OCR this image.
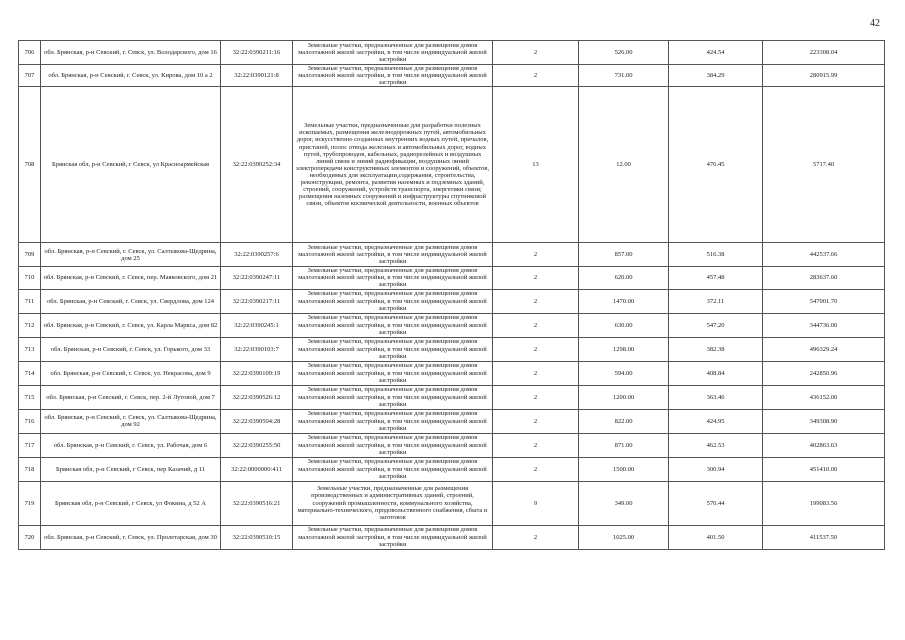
42
706	обл. Брянская, р-н Севский, г. Севск, ул. Володарского, дом 16	32:22:0390211:16	Земельные участки, предназначенные для размещения домов малоэтажной жилой застройки, в том числе индивидуальной жилой застройки	2	526.00	424.54	223308.04
707	обл. Брянская, р-н Севский, г. Севск, ул. Кирова, дом 10 а 2	32:22:0390121:8	Земельные участки, предназначенные для размещения домов малоэтажной жилой застройки, в том числе индивидуальной жилой застройки	2	731.00	384.29	280915.99
708	Брянская обл, р-н Севский, г Севск, ул Красноармейская	32:22:0390252:34	Земельные участки, предназначенные для разработки полезных ископаемых, размещения железнодорожных путей, автомобильных дорог, искусственно созданных внутренних водных путей, причалов, пристаней, полос отвода железных и автомобильных дорог, водных путей, трубопроводов, кабельных, радиорелейных и воздушных линий связи и линий радиофикации, воздушных линий электропередачи конструктивных элементов и сооружений, объектов, необходимых для эксплуатации,содержания, строительства, реконструкции, ремонта, развития наземных и подземных зданий, строений, сооружений, устройств транспорта, энергетики связи; размещения наземных сооружений и инфраструктуры спутниковой связи, объектов космической деятельности, военных объектов	13	12.00	476.45	5717.40
709	обл. Брянская, р-н Севский, г. Севск, ул. Салтыкова-Щедрина, дом 25	32:22:0390257:6	Земельные участки, предназначенные для размещения домов малоэтажной жилой застройки, в том числе индивидуальной жилой застройки	2	857.00	516.38	442537.66
710	обл. Брянская, р-н Севский, г. Севск, пер. Маяковского, дом 21	32:22:0390247:11	Земельные участки, предназначенные для размещения домов малоэтажной жилой застройки, в том числе индивидуальной жилой застройки	2	620.00	457.48	283637.60
711	обл. Брянская, р-н Севский, г. Севск, ул. Свердлова, дом 124	32:22:0390217:11	Земельные участки, предназначенные для размещения домов малоэтажной жилой застройки, в том числе индивидуальной жилой застройки	2	1470.00	372.11	547001.70
712	обл. Брянская, р-н Севский, г. Севск, ул. Карла Маркса, дом 82	32:22:0390245:1	Земельные участки, предназначенные для размещения домов малоэтажной жилой застройки, в том числе индивидуальной жилой застройки	2	630.00	547.20	344736.00
713	обл. Брянская, р-н Севский, г. Севск, ул. Горького, дом 33	32:22:0390103:7	Земельные участки, предназначенные для размещения домов малоэтажной жилой застройки, в том числе индивидуальной жилой застройки	2	1298.00	382.38	496329.24
714	обл. Брянская, р-н Севский, г. Севск, ул. Некрасова, дом 9	32:22:0390109:19	Земельные участки, предназначенные для размещения домов малоэтажной жилой застройки, в том числе индивидуальной жилой застройки	2	594.00	408.84	242850.96
715	обл. Брянская, р-н Севский, г. Севск, пер. 2-й Лутовой, дом 7	32:22:0390526:12	Земельные участки, предназначенные для размещения домов малоэтажной жилой застройки, в том числе индивидуальной жилой застройки	2	1200.00	363.46	436152.00
716	обл. Брянская, р-н Севский, г. Севск, ул. Салтыкова-Щедрина, дом 92	32:22:0390504:28	Земельные участки, предназначенные для размещения домов малоэтажной жилой застройки, в том числе индивидуальной жилой застройки	2	822.00	424.95	349308.90
717	обл. Брянская, р-н Севский, г. Севск, ул. Рабочая, дом 6	32:22:0390255:50	Земельные участки, предназначенные для размещения домов малоэтажной жилой застройки, в том числе индивидуальной жилой застройки	2	871.00	462.53	402863.63
718	Брянская обл, р-н Севский, г Севск, пер Казачий, д 11	32:22:0000000:411	Земельные участки, предназначенные для размещения домов малоэтажной жилой застройки, в том числе индивидуальной жилой застройки	2	1500.00	300.94	451410.00
719	Брянская обл, р-н Севский, г Севск, ул Фокина, д 52 А	32:22:0390516:21	Земельные участки, предназначенные для размещения производственных и административных зданий, строений, сооружений промышленности, коммунального хозяйства, материально-технического, продовольственного снабжения, сбыта и заготовок	9	349.00	570.44	199083.56
720	обл. Брянская, р-н Севский, г. Севск, ул. Пролетарская, дом 30	32:22:0390510:15	Земельные участки, предназначенные для размещения домов малоэтажной жилой застройки, в том числе индивидуальной жилой застройки	2	1025.00	401.50	411537.50
